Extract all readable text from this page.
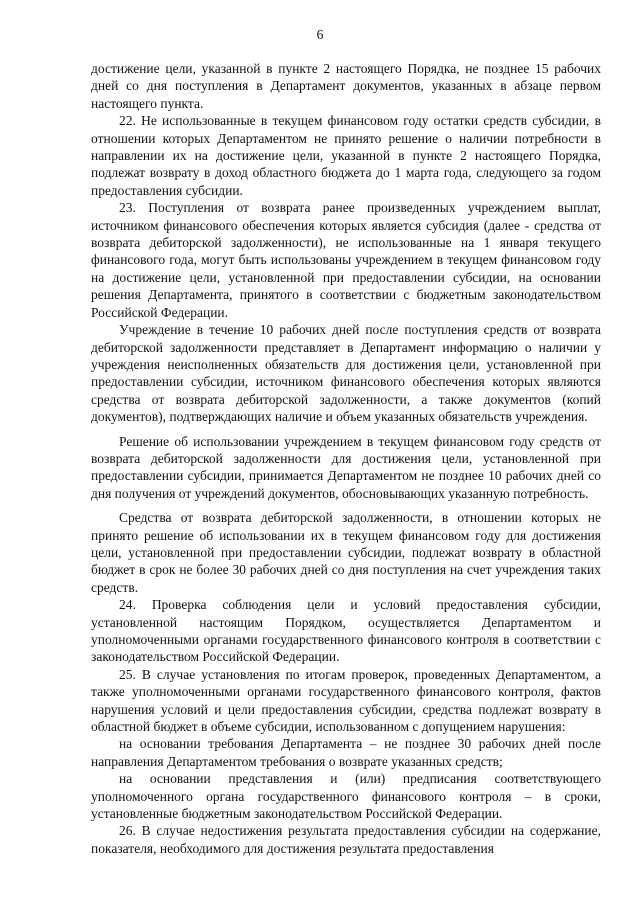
6

достижение цели, указанной в пункте 2 настоящего Порядка, не позднее 15 рабочих дней со дня поступления в Департамент документов, указанных в абзаце первом настоящего пункта.

22. Не использованные в текущем финансовом году остатки средств субсидии, в отношении которых Департаментом не принято решение о наличии потребности в направлении их на достижение цели, указанной в пункте 2 настоящего Порядка, подлежат возврату в доход областного бюджета до 1 марта года, следующего за годом предоставления субсидии.

23. Поступления от возврата ранее произведенных учреждением выплат, источником финансового обеспечения которых является субсидия (далее - средства от возврата дебиторской задолженности), не использованные на 1 января текущего финансового года, могут быть использованы учреждением в текущем финансовом году на достижение цели, установленной при предоставлении субсидии, на основании решения Департамента, принятого в соответствии с бюджетным законодательством Российской Федерации.

Учреждение в течение 10 рабочих дней после поступления средств от возврата дебиторской задолженности представляет в Департамент информацию о наличии у учреждения неисполненных обязательств для достижения цели, установленной при предоставлении субсидии, источником финансового обеспечения которых являются средства от возврата дебиторской задолженности, а также документов (копий документов), подтверждающих наличие и объем указанных обязательств учреждения.

Решение об использовании учреждением в текущем финансовом году средств от возврата дебиторской задолженности для достижения цели, установленной при предоставлении субсидии, принимается Департаментом не позднее 10 рабочих дней со дня получения от учреждений документов, обосновывающих указанную потребность.

Средства от возврата дебиторской задолженности, в отношении которых не принято решение об использовании их в текущем финансовом году для достижения цели, установленной при предоставлении субсидии, подлежат возврату в областной бюджет в срок не более 30 рабочих дней со дня поступления на счет учреждения таких средств.

24. Проверка соблюдения цели и условий предоставления субсидии, установленной настоящим Порядком, осуществляется Департаментом и уполномоченными органами государственного финансового контроля в соответствии с законодательством Российской Федерации.

25. В случае установления по итогам проверок, проведенных Департаментом, а также уполномоченными органами государственного финансового контроля, фактов нарушения условий и цели предоставления субсидии, средства подлежат возврату в областной бюджет в объеме субсидии, использованном с допущением нарушения:

на основании требования Департамента – не позднее 30 рабочих дней после направления Департаментом требования о возврате указанных средств;

на основании представления и (или) предписания соответствующего уполномоченного органа государственного финансового контроля – в сроки, установленные бюджетным законодательством Российской Федерации.

26. В случае недостижения результата предоставления субсидии на содержание, показателя, необходимого для достижения результата предоставления
